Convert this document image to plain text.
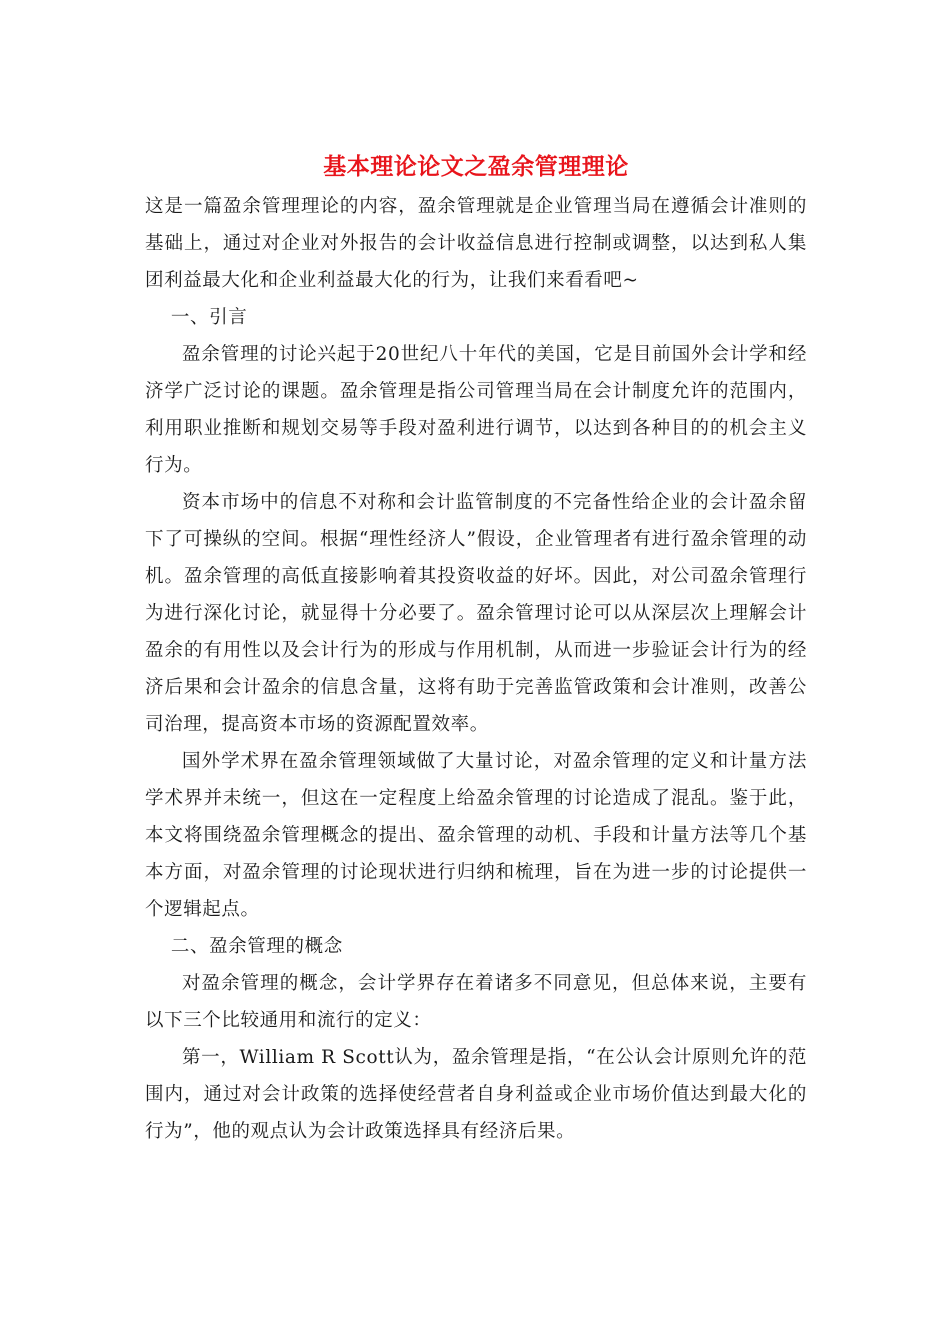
基本理论论文之盈余管理理论

这是一篇盈余管理理论的内容，盈余管理就是企业管理当局在遵循会计准则的基础上，通过对企业对外报告的会计收益信息进行控制或调整，以达到私人集团利益最大化和企业利益最大化的行为，让我们来看看吧~

一、引言

盈余管理的讨论兴起于20世纪八十年代的美国，它是目前国外会计学和经济学广泛讨论的课题。盈余管理是指公司管理当局在会计制度允许的范围内，利用职业推断和规划交易等手段对盈利进行调节，以达到各种目的的机会主义行为。

资本市场中的信息不对称和会计监管制度的不完备性给企业的会计盈余留下了可操纵的空间。根据“理性经济人”假设，企业管理者有进行盈余管理的动机。盈余管理的高低直接影响着其投资收益的好坏。因此，对公司盈余管理行为进行深化讨论，就显得十分必要了。盈余管理讨论可以从深层次上理解会计盈余的有用性以及会计行为的形成与作用机制，从而进一步验证会计行为的经济后果和会计盈余的信息含量，这将有助于完善监管政策和会计准则，改善公司治理，提高资本市场的资源配置效率。

国外学术界在盈余管理领域做了大量讨论，对盈余管理的定义和计量方法学术界并未统一，但这在一定程度上给盈余管理的讨论造成了混乱。鉴于此，本文将围绕盈余管理概念的提出、盈余管理的动机、手段和计量方法等几个基本方面，对盈余管理的讨论现状进行归纳和梳理，旨在为进一步的讨论提供一个逻辑起点。

二、盈余管理的概念

对盈余管理的概念，会计学界存在着诸多不同意见，但总体来说，主要有以下三个比较通用和流行的定义：

第一，William R Scott认为，盈余管理是指，“在公认会计原则允许的范围内，通过对会计政策的选择使经营者自身利益或企业市场价值达到最大化的行为”，他的观点认为会计政策选择具有经济后果。
